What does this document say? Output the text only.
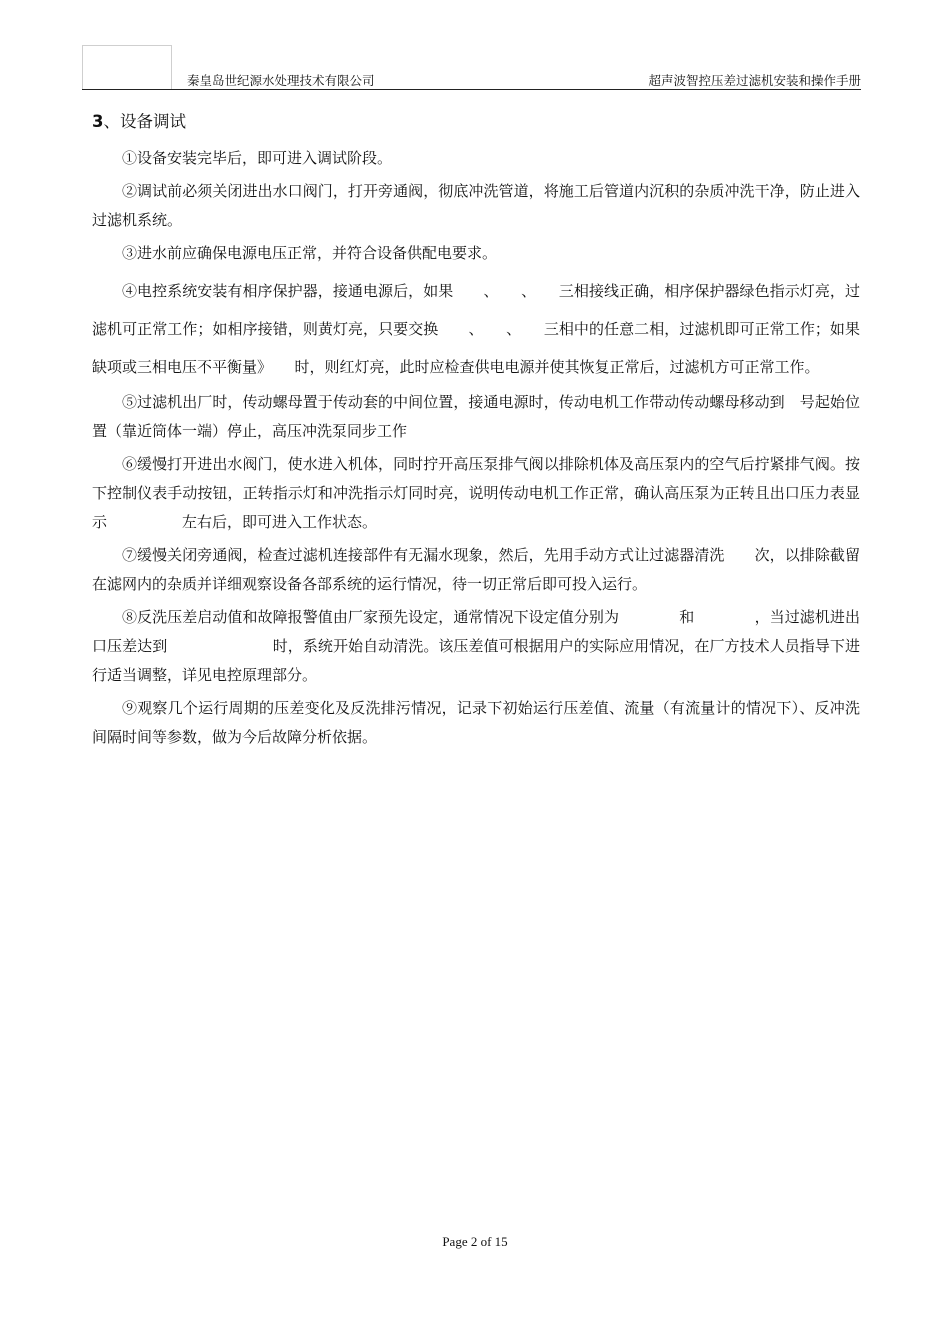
秦皇岛世纪源水处理技术有限公司	超声波智控压差过滤机安装和操作手册
3、设备调试

①设备安装完毕后，即可进入调试阶段。

②调试前必须关闭进出水口阀门，打开旁通阀，彻底冲洗管道，将施工后管道内沉积的杂质冲洗干净，防止进入过滤机系统。

③进水前应确保电源电压正常，并符合设备供配电要求。

④电控系统安装有相序保护器，接通电源后，如果　　、　　、　　三相接线正确，相序保护器绿色指示灯亮，过滤机可正常工作；如相序接错，则黄灯亮，只要交换　　、　　、　　三相中的任意二相，过滤机即可正常工作；如果缺项或三相电压不平衡量》　　时，则红灯亮，此时应检查供电电源并使其恢复正常后，过滤机方可正常工作。

⑤过滤机出厂时，传动螺母置于传动套的中间位置，接通电源时，传动电机工作带动传动螺母移动到　号起始位置（靠近筒体一端）停止，高压冲洗泵同步工作

⑥缓慢打开进出水阀门，使水进入机体，同时拧开高压泵排气阀以排除机体及高压泵内的空气后拧紧排气阀。按下控制仪表手动按钮，正转指示灯和冲洗指示灯同时亮，说明传动电机工作正常，确认高压泵为正转且出口压力表显示　　　　　左右后，即可进入工作状态。

⑦缓慢关闭旁通阀，检查过滤机连接部件有无漏水现象，然后，先用手动方式让过滤器清洗　　次，以排除截留在滤网内的杂质并详细观察设备各部系统的运行情况，待一切正常后即可投入运行。

⑧反洗压差启动值和故障报警值由厂家预先设定，通常情况下设定值分别为　　　　和　　　　，当过滤机进出口压差达到　　　　　　　时，系统开始自动清洗。该压差值可根据用户的实际应用情况，在厂方技术人员指导下进行适当调整，详见电控原理部分。

⑨观察几个运行周期的压差变化及反洗排污情况，记录下初始运行压差值、流量（有流量计的情况下）、反冲洗间隔时间等参数，做为今后故障分析依据。

Page 2 of 15
